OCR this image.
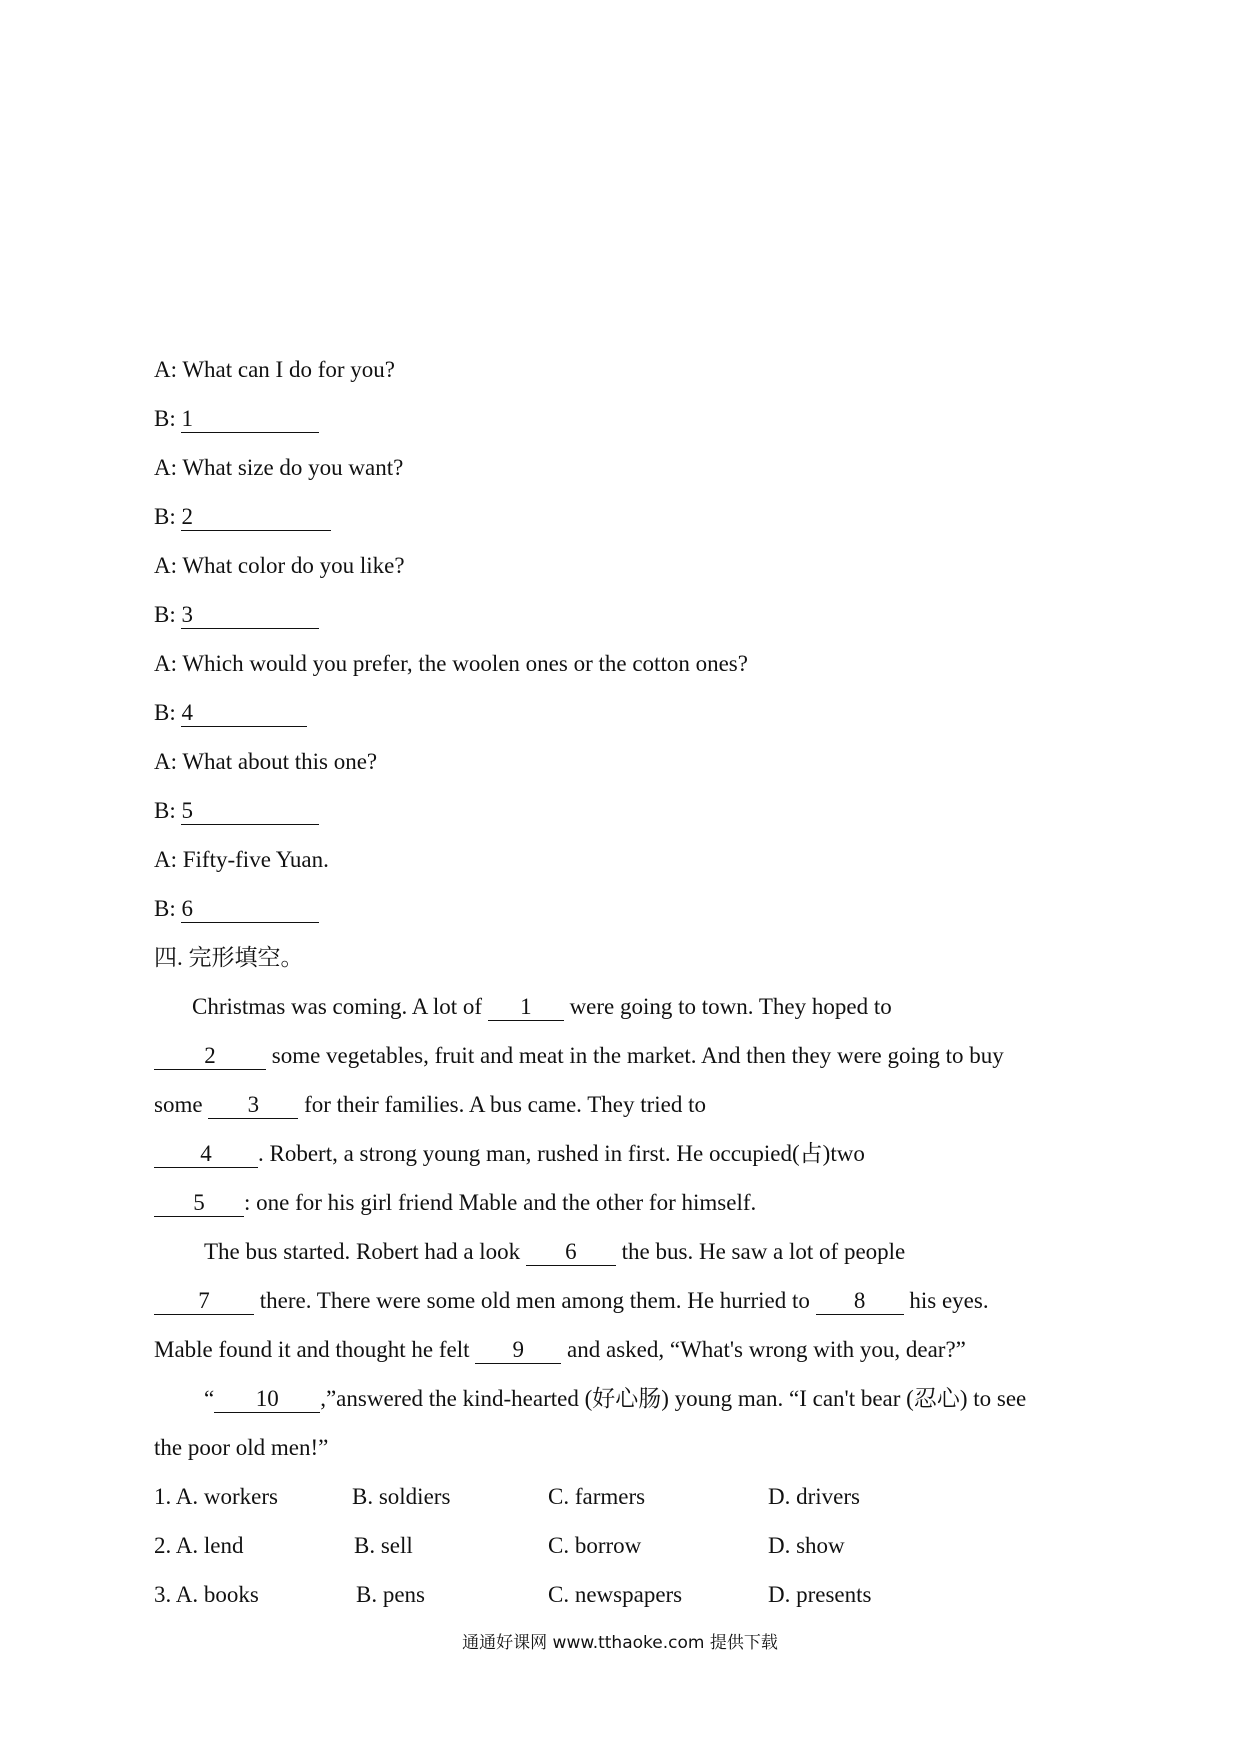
A: What can I do for you?
B: 1
A: What size do you want?
B: 2
A: What color do you like?
B: 3
A: Which would you prefer, the woolen ones or the cotton ones?
B: 4
A: What about this one?
B: 5
A: Fifty-five Yuan.
B: 6
四. 完形填空。
Christmas was coming. A lot of 1 were going to town. They hoped to
2 some vegetables, fruit and meat in the market. And then they were going to buy
some 3 for their families. A bus came. They tried to
4 . Robert, a strong young man, rushed in first. He occupied(占)two
5 : one for his girl friend Mable and the other for himself.
The bus started. Robert had a look 6 the bus. He saw a lot of people
7 there. There were some old men among them. He hurried to 8 his eyes.
Mable found it and thought he felt 9 and asked, “What's wrong with you, dear?”
“ 10 ,”answered the kind-hearted (好心肠) young man. “I can't bear (忍心) to see
the poor old men!”
1. A. workers	B. soldiers	C. farmers	D. drivers
2. A. lend	B. sell	C. borrow	D. show
3. A. books	B. pens	C. newspapers	D. presents
通通好课网 www.tthaoke.com 提供下载
